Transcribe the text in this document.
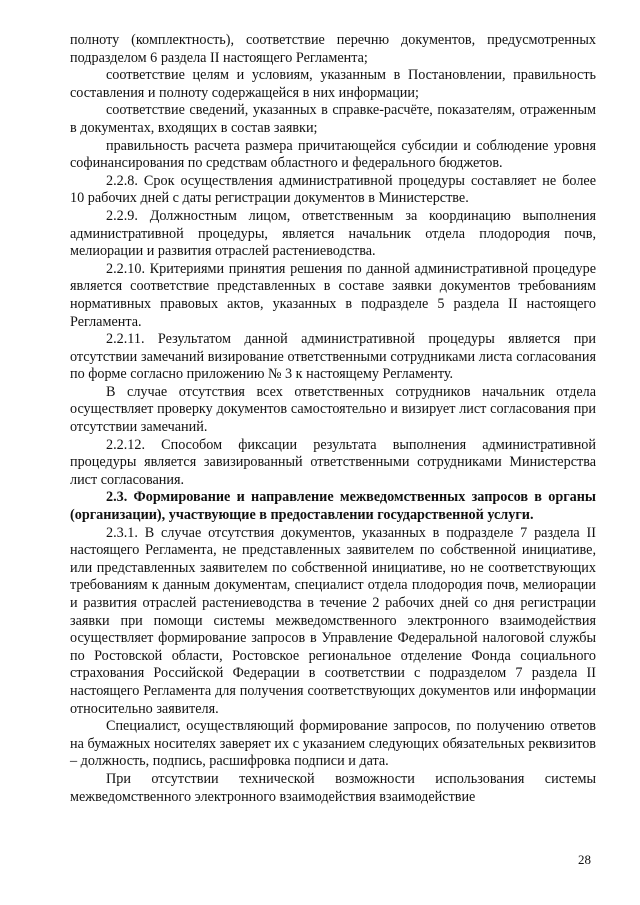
полноту (комплектность), соответствие перечню документов, предусмотренных подразделом 6 раздела II настоящего Регламента;

соответствие целям и условиям, указанным в Постановлении, правильность составления и полноту содержащейся в них информации;

соответствие сведений, указанных в справке-расчёте, показателям, отраженным в документах, входящих в состав заявки;

правильность расчета размера причитающейся субсидии и соблюдение уровня софинансирования по средствам областного и федерального бюджетов.

2.2.8. Срок осуществления административной процедуры составляет не более 10 рабочих дней с даты регистрации документов в Министерстве.

2.2.9. Должностным лицом, ответственным за координацию выполнения административной процедуры, является начальник отдела плодородия почв, мелиорации и развития отраслей растениеводства.

2.2.10. Критериями принятия решения по данной административной процедуре является соответствие представленных в составе заявки документов требованиям нормативных правовых актов, указанных в подразделе 5 раздела II настоящего Регламента.

2.2.11. Результатом данной административной процедуры является при отсутствии замечаний визирование ответственными сотрудниками листа согласования по форме согласно приложению № 3 к настоящему Регламенту.

В случае отсутствия всех ответственных сотрудников начальник отдела осуществляет проверку документов самостоятельно и визирует лист согласования при отсутствии замечаний.

2.2.12. Способом фиксации результата выполнения административной процедуры является завизированный ответственными сотрудниками Министерства лист согласования.

2.3. Формирование и направление межведомственных запросов в органы (организации), участвующие в предоставлении государственной услуги.

2.3.1. В случае отсутствия документов, указанных в подразделе 7 раздела II настоящего Регламента, не представленных заявителем по собственной инициативе, или представленных заявителем по собственной инициативе, но не соответствующих требованиям к данным документам, специалист отдела плодородия почв, мелиорации и развития отраслей растениеводства в течение 2 рабочих дней со дня регистрации заявки при помощи системы межведомственного электронного взаимодействия осуществляет формирование запросов в Управление Федеральной налоговой службы по Ростовской области, Ростовское региональное отделение Фонда социального страхования Российской Федерации в соответствии с подразделом 7 раздела II настоящего Регламента для получения соответствующих документов или информации относительно заявителя.

Специалист, осуществляющий формирование запросов, по получению ответов на бумажных носителях заверяет их с указанием следующих обязательных реквизитов – должность, подпись, расшифровка подписи и дата.

При отсутствии технической возможности использования системы межведомственного электронного взаимодействия взаимодействие

28
